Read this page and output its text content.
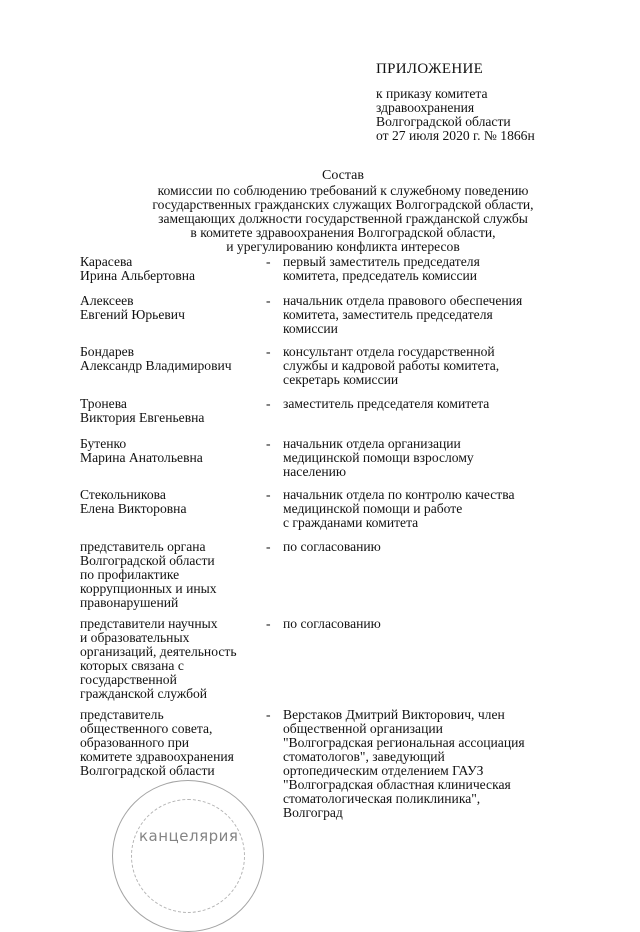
ПРИЛОЖЕНИЕ
к приказу комитета
здравоохранения
Волгоградской области
от 27 июля 2020 г. № 1866н
Состав
комиссии по соблюдению требований к служебному поведению
государственных гражданских служащих Волгоградской области,
замещающих должности государственной гражданской службы
в комитете здравоохранения Волгоградской области,
и урегулированию конфликта интересов
Карасева
Ирина Альбертовна
- первый заместитель председателя
комитета, председатель комиссии
Алексеев
Евгений Юрьевич
- начальник отдела правового обеспечения
комитета, заместитель председателя
комиссии
Бондарев
Александр Владимирович
- консультант отдела государственной
службы и кадровой работы комитета,
секретарь комиссии
Тронева
Виктория Евгеньевна
- заместитель председателя комитета
Бутенко
Марина Анатольевна
- начальник отдела организации
медицинской помощи взрослому
населению
Стекольникова
Елена Викторовна
- начальник отдела по контролю качества
медицинской помощи и работе
с гражданами комитета
представитель органа
Волгоградской области
по профилактике
коррупционных и иных
правонарушений
- по согласованию
представители научных
и образовательных
организаций, деятельность
которых связана с
государственной
гражданской службой
- по согласованию
представитель
общественного совета,
образованного при
комитете здравоохранения
Волгоградской области
- Верстаков Дмитрий Викторович, член
общественной организации
"Волгоградская региональная ассоциация
стоматологов", заведующий
ортопедическим отделением ГАУЗ
"Волгоградская областная клиническая
стоматологическая поликлиника",
Волгоград
канцелярия
